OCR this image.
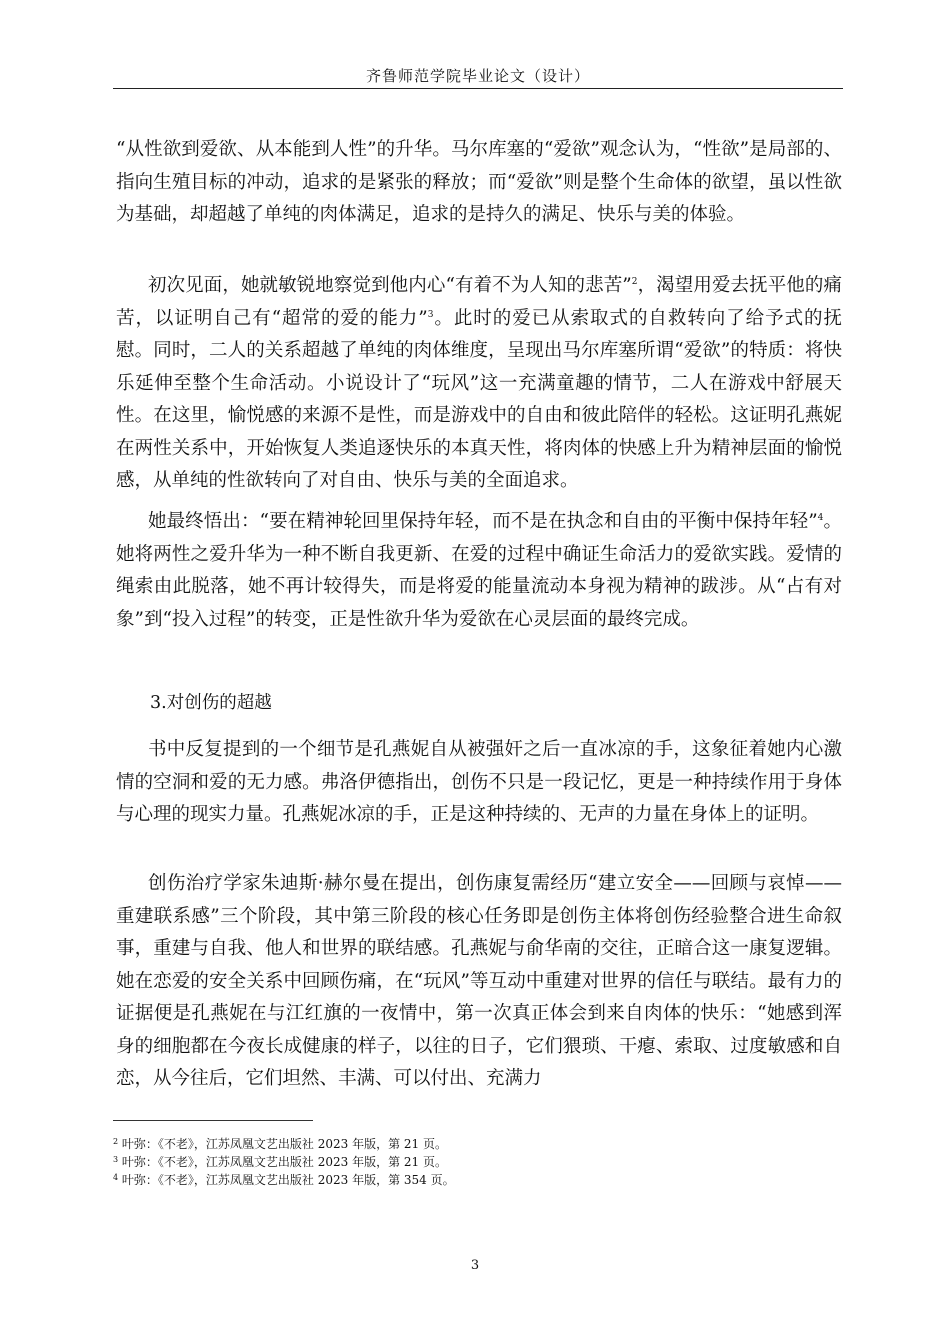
齐鲁师范学院毕业论文（设计）

“从性欲到爱欲、从本能到人性”的升华。马尔库塞的“爱欲”观念认为，“性欲”是局部的、指向生殖目标的冲动，追求的是紧张的释放；而“爱欲”则是整个生命体的欲望，虽以性欲为基础，却超越了单纯的肉体满足，追求的是持久的满足、快乐与美的体验。

初次见面，她就敏锐地察觉到他内心“有着不为人知的悲苦”$^2$，渴望用爱去抚平他的痛苦，以证明自己有“超常的爱的能力”$^3$。此时的爱已从索取式的自救转向了给予式的抚慰。同时，二人的关系超越了单纯的肉体维度，呈现出马尔库塞所谓“爱欲”的特质：将快乐延伸至整个生命活动。小说设计了“玩风”这一充满童趣的情节，二人在游戏中舒展天性。在这里，愉悦感的来源不是性，而是游戏中的自由和彼此陪伴的轻松。这证明孔燕妮在两性关系中，开始恢复人类追逐快乐的本真天性，将肉体的快感上升为精神层面的愉悦感，从单纯的性欲转向了对自由、快乐与美的全面追求。

她最终悟出：“要在精神轮回里保持年轻，而不是在执念和自由的平衡中保持年轻”$^4$。她将两性之爱升华为一种不断自我更新、在爱的过程中确证生命活力的爱欲实践。爱情的绳索由此脱落，她不再计较得失，而是将爱的能量流动本身视为精神的跋涉。从“占有对象”到“投入过程”的转变，正是性欲升华为爱欲在心灵层面的最终完成。

3.对创伤的超越

书中反复提到的一个细节是孔燕妮自从被强奸之后一直冰凉的手，这象征着她内心激情的空洞和爱的无力感。弗洛伊德指出，创伤不只是一段记忆，更是一种持续作用于身体与心理的现实力量。孔燕妮冰凉的手，正是这种持续的、无声的力量在身体上的证明。

创伤治疗学家朱迪斯·赫尔曼在提出，创伤康复需经历“建立安全——回顾与哀悼——重建联系感”三个阶段，其中第三阶段的核心任务即是创伤主体将创伤经验整合进生命叙事，重建与自我、他人和世界的联结感。孔燕妮与俞华南的交往，正暗合这一康复逻辑。她在恋爱的安全关系中回顾伤痛，在“玩风”等互动中重建对世界的信任与联结。最有力的证据便是孔燕妮在与江红旗的一夜情中，第一次真正体会到来自肉体的快乐：“她感到浑身的细胞都在今夜长成健康的样子，以往的日子，它们猥琐、干瘪、索取、过度敏感和自恋，从今往后，它们坦然、丰满、可以付出、充满力

$^2$ 叶弥：《不老》，江苏凤凰文艺出版社 2023 年版，第 21 页。

$^3$ 叶弥：《不老》，江苏凤凰文艺出版社 2023 年版，第 21 页。

$^4$ 叶弥：《不老》，江苏凤凰文艺出版社 2023 年版，第 354 页。

3
